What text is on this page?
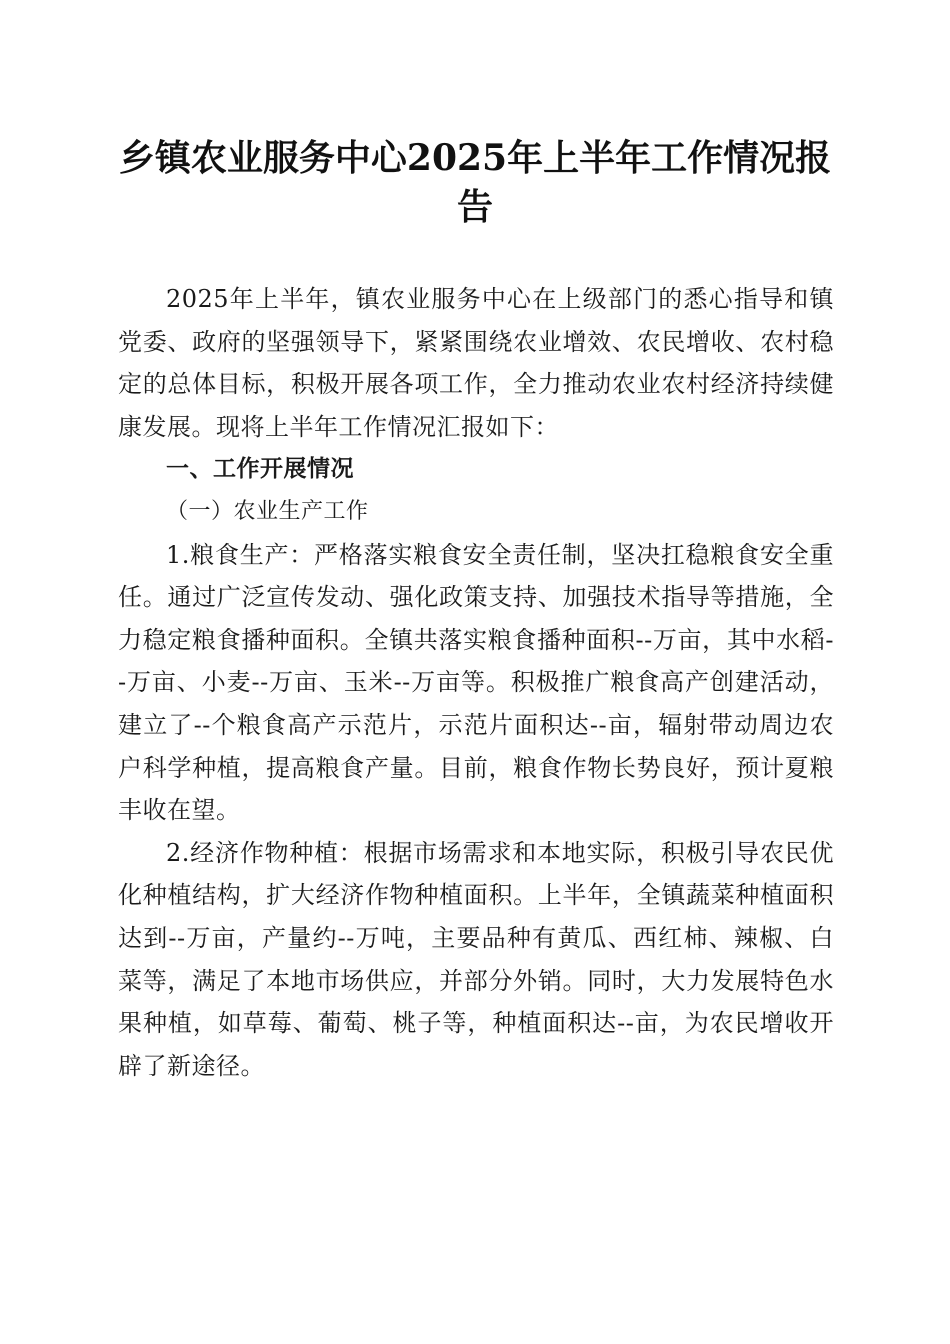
乡镇农业服务中心2025年上半年工作情况报告

2025年上半年，镇农业服务中心在上级部门的悉心指导和镇党委、政府的坚强领导下，紧紧围绕农业增效、农民增收、农村稳定的总体目标，积极开展各项工作，全力推动农业农村经济持续健康发展。现将上半年工作情况汇报如下：

一、工作开展情况

（一）农业生产工作

1.粮食生产：严格落实粮食安全责任制，坚决扛稳粮食安全重任。通过广泛宣传发动、强化政策支持、加强技术指导等措施，全力稳定粮食播种面积。全镇共落实粮食播种面积--万亩，其中水稻--万亩、小麦--万亩、玉米--万亩等。积极推广粮食高产创建活动，建立了--个粮食高产示范片，示范片面积达--亩，辐射带动周边农户科学种植，提高粮食产量。目前，粮食作物长势良好，预计夏粮丰收在望。

2.经济作物种植：根据市场需求和本地实际，积极引导农民优化种植结构，扩大经济作物种植面积。上半年，全镇蔬菜种植面积达到--万亩，产量约--万吨，主要品种有黄瓜、西红柿、辣椒、白菜等，满足了本地市场供应，并部分外销。同时，大力发展特色水果种植，如草莓、葡萄、桃子等，种植面积达--亩，为农民增收开辟了新途径。
